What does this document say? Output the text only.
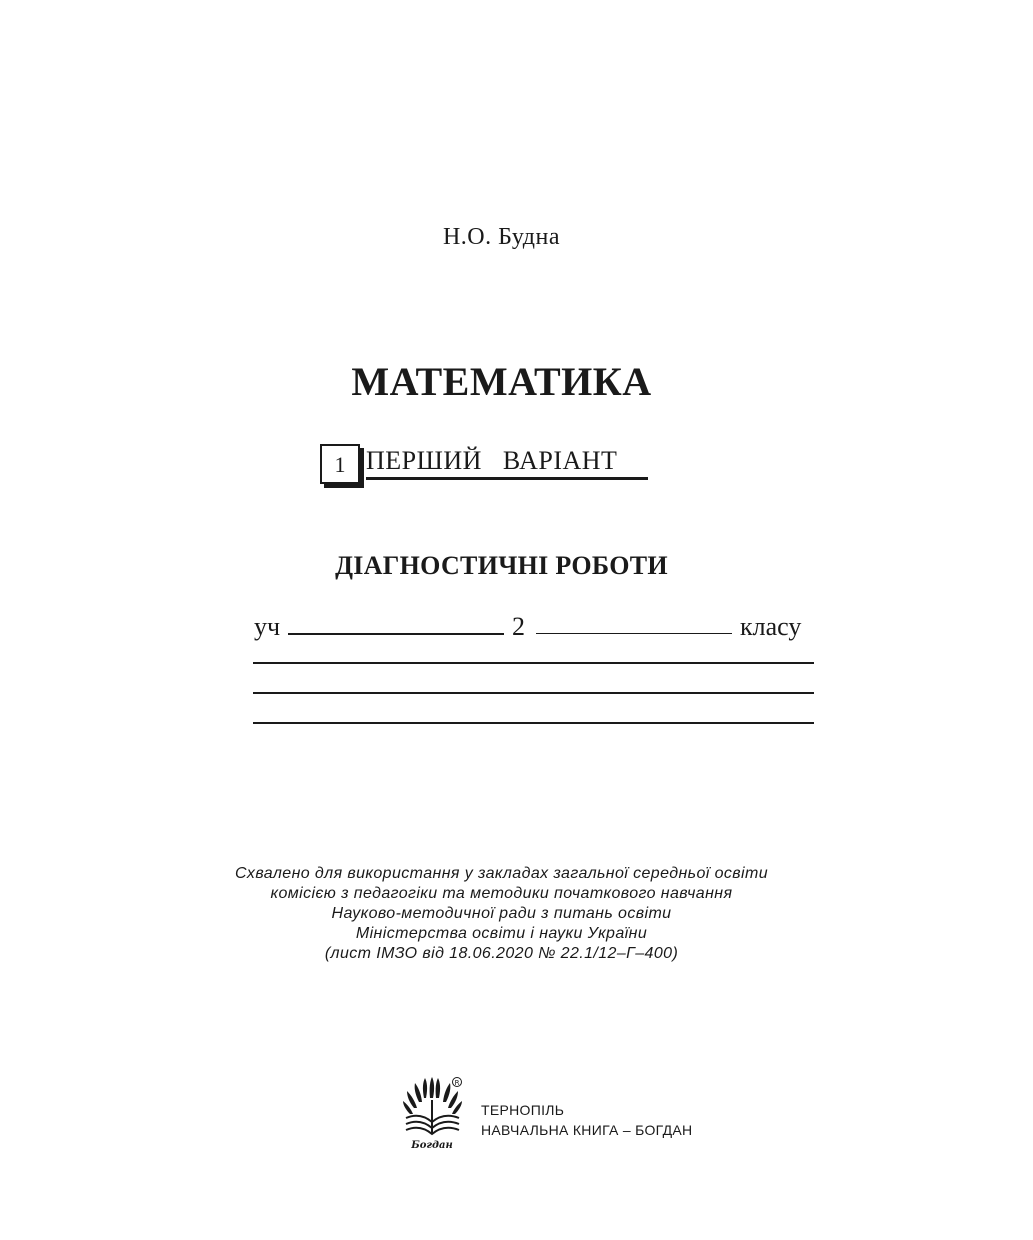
Н.О. Будна
МАТЕМАТИКА
1 ПЕРШИЙ   ВАРІАНТ
ДІАГНОСТИЧНІ РОБОТИ
уч	2	класу
Схвалено для використання у закладах загальної середньої освіти
комісією з педагогіки та методики початкового навчання
Науково-методичної ради з питань освіти
Міністерства освіти і науки України
(лист ІМЗО від 18.06.2020 № 22.1/12–Г–400)
Богдан
R
ТЕРНОПІЛЬ
НАВЧАЛЬНА КНИГА – БОГДАН
